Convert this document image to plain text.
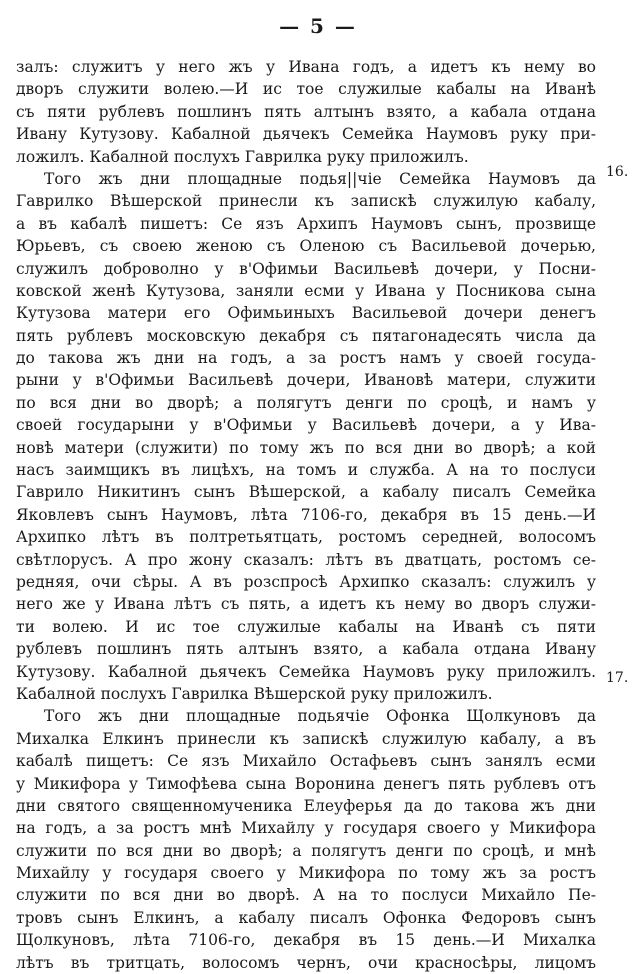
— 5 —
залъ: служитъ у него жъ у Ивана годъ, а идетъ къ нему во
дворъ служити волею.—И ис тое служилые кабалы на Иванѣ
съ пяти рублевъ пошлинъ пять алтынъ взято, а кабала отдана
Ивану Кутузову. Кабалной дьячекъ Семейка Наумовъ руку при-
ложилъ. Кабалной послухъ Гаврилка руку приложилъ.
Того жъ дни площадные подья||чіе Семейка Наумовъ да
Гаврилко Вѣшерской принесли къ запискѣ служилую кабалу,
а въ кабалѣ пишетъ: Се язъ Архипъ Наумовъ сынъ, прозвище
Юрьевъ, съ своею женою съ Оленою съ Васильевой дочерью,
служилъ доброволно у в'Офимьи Васильевѣ дочери, у Посни-
ковской женѣ Кутузова, заняли есми у Ивана у Посникова сына
Кутузова матери его Офимьиныхъ Васильевой дочери денегъ
пять рублевъ московскую декабря съ пятагонадесять числа да
до такова жъ дни на годъ, а за ростъ намъ у своей госуда-
рыни у в'Офимьи Васильевѣ дочери, Ивановѣ матери, служити
по вся дни во дворѣ; а полягутъ денги по сроцѣ, и намъ у
своей государыни у в'Офимьи у Васильевѣ дочери, а у Ива-
новѣ матери (служити) по тому жъ по вся дни во дворѣ; а кой
насъ заимщикъ въ лицѣхъ, на томъ и служба. А на то послуси
Гаврило Никитинъ сынъ Вѣшерской, а кабалу писалъ Семейка
Яковлевъ сынъ Наумовъ, лѣта 7106-го, декабря въ 15 день.—И
Архипко лѣтъ въ полтретьятцать, ростомъ середней, волосомъ
свѣтлорусъ. А про жону сказалъ: лѣтъ въ дватцать, ростомъ се-
редняя, очи сѣры. А въ розспросѣ Архипко сказалъ: служилъ у
него же у Ивана лѣтъ съ пять, а идетъ къ нему во дворъ служи-
ти волею. И ис тое служилые кабалы на Иванѣ съ пяти
рублевъ пошлинъ пять алтынъ взято, а кабала отдана Ивану
Кутузову. Кабалной дьячекъ Семейка Наумовъ руку приложилъ.
Кабалной послухъ Гаврилка Вѣшерской руку приложилъ.
Того жъ дни площадные подьячіе Офонка Щолкуновъ да
Михалка Елкинъ принесли къ запискѣ служилую кабалу, а въ
кабалѣ пищетъ: Се язъ Михайло Остафьевъ сынъ занялъ есми
у Микифора у Тимофѣева сына Воронина денегъ пять рублевъ отъ
дни святого священномученика Елеуферья да до такова жъ дни
на годъ, а за ростъ мнѣ Михайлу у государя своего у Микифора
служити по вся дни во дворѣ; а полягутъ денги по сроцѣ, и мнѣ
Михайлу у государя своего у Микифора по тому жъ за ростъ
служити по вся дни во дворѣ. А на то послуси Михайло Пе-
тровъ сынъ Елкинъ, а кабалу писалъ Офонка Федоровъ сынъ
Щолкуновъ, лѣта 7106-го, декабря въ 15 день.—И Михалка
лѣтъ въ тритцать, волосомъ чернъ, очи красносѣры, лицомъ
16.
17.
